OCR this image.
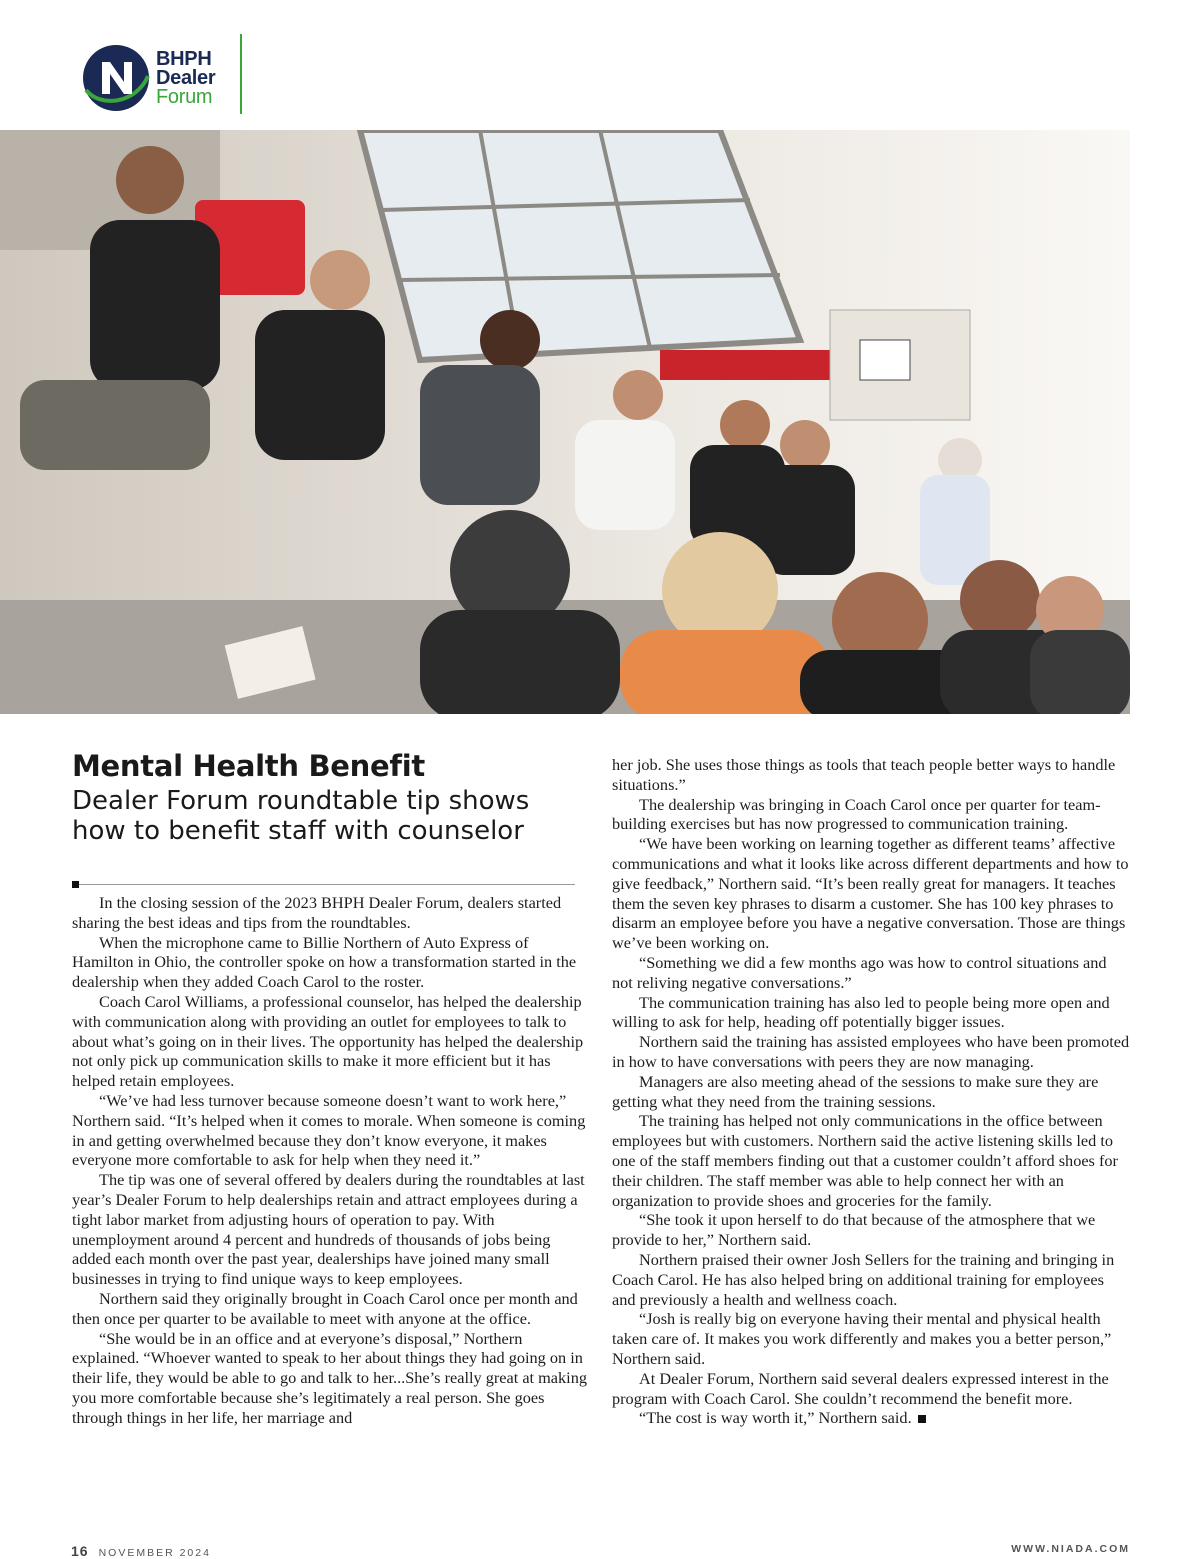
BHPH
Dealer
Forum
Mental Health Benefit
Dealer Forum roundtable tip shows how to benefit staff with counselor

In the closing session of the 2023 BHPH Dealer Forum, dealers started sharing the best ideas and tips from the roundtables.

When the microphone came to Billie Northern of Auto Express of Hamilton in Ohio, the controller spoke on how a transformation started in the dealership when they added Coach Carol to the roster.

Coach Carol Williams, a professional counselor, has helped the dealership with communication along with providing an outlet for employees to talk to about what’s going on in their lives. The opportunity has helped the dealership not only pick up communication skills to make it more efficient but it has helped retain employees.

“We’ve had less turnover because someone doesn’t want to work here,” Northern said. “It’s helped when it comes to morale. When someone is coming in and getting overwhelmed because they don’t know everyone, it makes everyone more comfortable to ask for help when they need it.”

The tip was one of several offered by dealers during the roundtables at last year’s Dealer Forum to help dealerships retain and attract employees during a tight labor market from adjusting hours of operation to pay. With unemployment around 4 percent and hundreds of thousands of jobs being added each month over the past year, dealerships have joined many small businesses in trying to find unique ways to keep employees.

Northern said they originally brought in Coach Carol once per month and then once per quarter to be available to meet with anyone at the office.

“She would be in an office and at everyone’s disposal,” Northern explained. “Whoever wanted to speak to her about things they had going on in their life, they would be able to go and talk to her...She’s really great at making you more comfortable because she’s legitimately a real person. She goes through things in her life, her marriage and

her job. She uses those things as tools that teach people better ways to handle situations.”

The dealership was bringing in Coach Carol once per quarter for team-building exercises but has now progressed to communication training.

“We have been working on learning together as different teams’ affective communications and what it looks like across different departments and how to give feedback,” Northern said. “It’s been really great for managers. It teaches them the seven key phrases to disarm a customer. She has 100 key phrases to disarm an employee before you have a negative conversation. Those are things we’ve been working on.

“Something we did a few months ago was how to control situations and not reliving negative conversations.”

The communication training has also led to people being more open and willing to ask for help, heading off potentially bigger issues.

Northern said the training has assisted employees who have been promoted in how to have conversations with peers they are now managing.

Managers are also meeting ahead of the sessions to make sure they are getting what they need from the training sessions.

The training has helped not only communications in the office between employees but with customers. Northern said the active listening skills led to one of the staff members finding out that a customer couldn’t afford shoes for their children. The staff member was able to help connect her with an organization to provide shoes and groceries for the family.

“She took it upon herself to do that because of the atmosphere that we provide to her,” Northern said.

Northern praised their owner Josh Sellers for the training and bringing in Coach Carol. He has also helped bring on additional training for employees and previously a health and wellness coach.

“Josh is really big on everyone having their mental and physical health taken care of. It makes you work differently and makes you a better person,” Northern said.

At Dealer Forum, Northern said several dealers expressed interest in the program with Coach Carol. She couldn’t recommend the benefit more.

“The cost is way worth it,” Northern said.

16 NOVEMBER 2024	WWW.NIADA.COM
